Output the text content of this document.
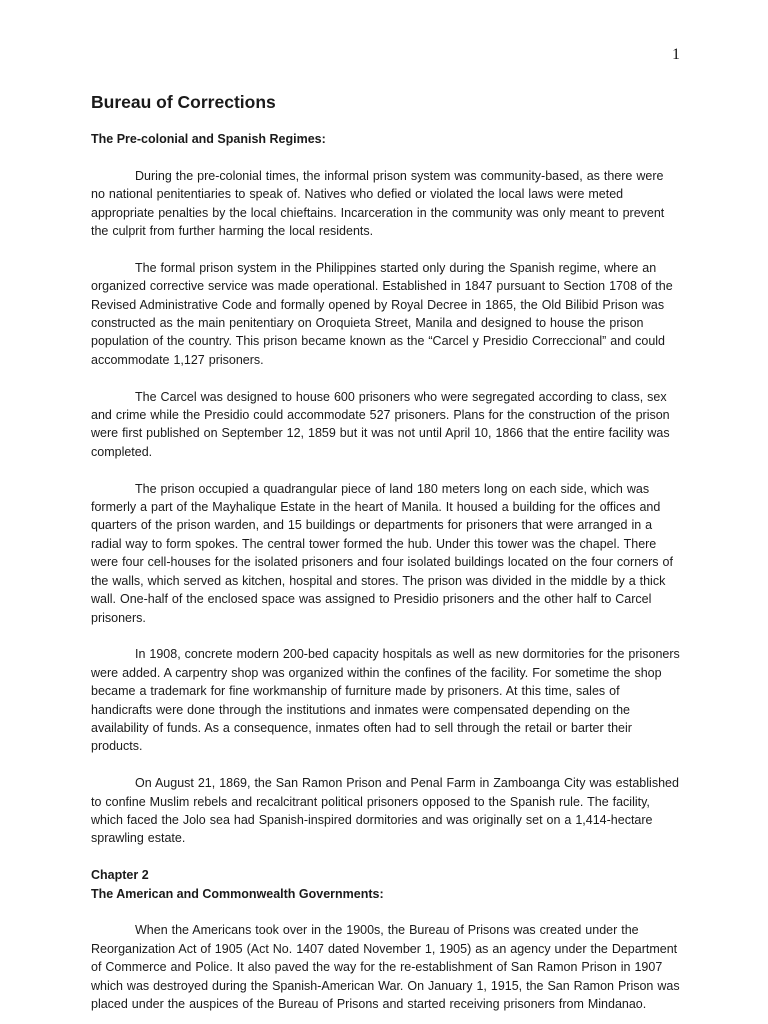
1
Bureau of Corrections
The Pre-colonial and Spanish Regimes:

During the pre-colonial times, the informal prison system was community-based, as there were no national penitentiaries to speak of. Natives who defied or violated the local laws were meted appropriate penalties by the local chieftains. Incarceration in the community was only meant to prevent the culprit from further harming the local residents.

The formal prison system in the Philippines started only during the Spanish regime, where an organized corrective service was made operational. Established in 1847 pursuant to Section 1708 of the Revised Administrative Code and formally opened by Royal Decree in 1865, the Old Bilibid Prison was constructed as the main penitentiary on Oroquieta Street, Manila and designed to house the prison population of the country. This prison became known as the “Carcel y Presidio Correccional” and could accommodate 1,127 prisoners.

The Carcel was designed to house 600 prisoners who were segregated according to class, sex and crime while the Presidio could accommodate 527 prisoners. Plans for the construction of the prison were first published on September 12, 1859 but it was not until April 10, 1866 that the entire facility was completed.

The prison occupied a quadrangular piece of land 180 meters long on each side, which was formerly a part of the Mayhalique Estate in the heart of Manila. It housed a building for the offices and quarters of the prison warden, and 15 buildings or departments for prisoners that were arranged in a radial way to form spokes. The central tower formed the hub. Under this tower was the chapel. There were four cell-houses for the isolated prisoners and four isolated buildings located on the four corners of the walls, which served as kitchen, hospital and stores. The prison was divided in the middle by a thick wall. One-half of the enclosed space was assigned to Presidio prisoners and the other half to Carcel prisoners.

In 1908, concrete modern 200-bed capacity hospitals as well as new dormitories for the prisoners were added. A carpentry shop was organized within the confines of the facility. For sometime the shop became a trademark for fine workmanship of furniture made by prisoners. At this time, sales of handicrafts were done through the institutions and inmates were compensated depending on the availability of funds. As a consequence, inmates often had to sell through the retail or barter their products.

On August 21, 1869, the San Ramon Prison and Penal Farm in Zamboanga City was established to confine Muslim rebels and recalcitrant political prisoners opposed to the Spanish rule. The facility, which faced the Jolo sea had Spanish-inspired dormitories and was originally set on a 1,414-hectare sprawling estate.

Chapter 2
The American and Commonwealth Governments:

When the Americans took over in the 1900s, the Bureau of Prisons was created under the Reorganization Act of 1905 (Act No. 1407 dated November 1, 1905) as an agency under the Department of Commerce and Police. It also paved the way for the re-establishment of San Ramon Prison in 1907 which was destroyed during the Spanish-American War. On January 1, 1915, the San Ramon Prison was placed under the auspices of the Bureau of Prisons and started receiving prisoners from Mindanao.
